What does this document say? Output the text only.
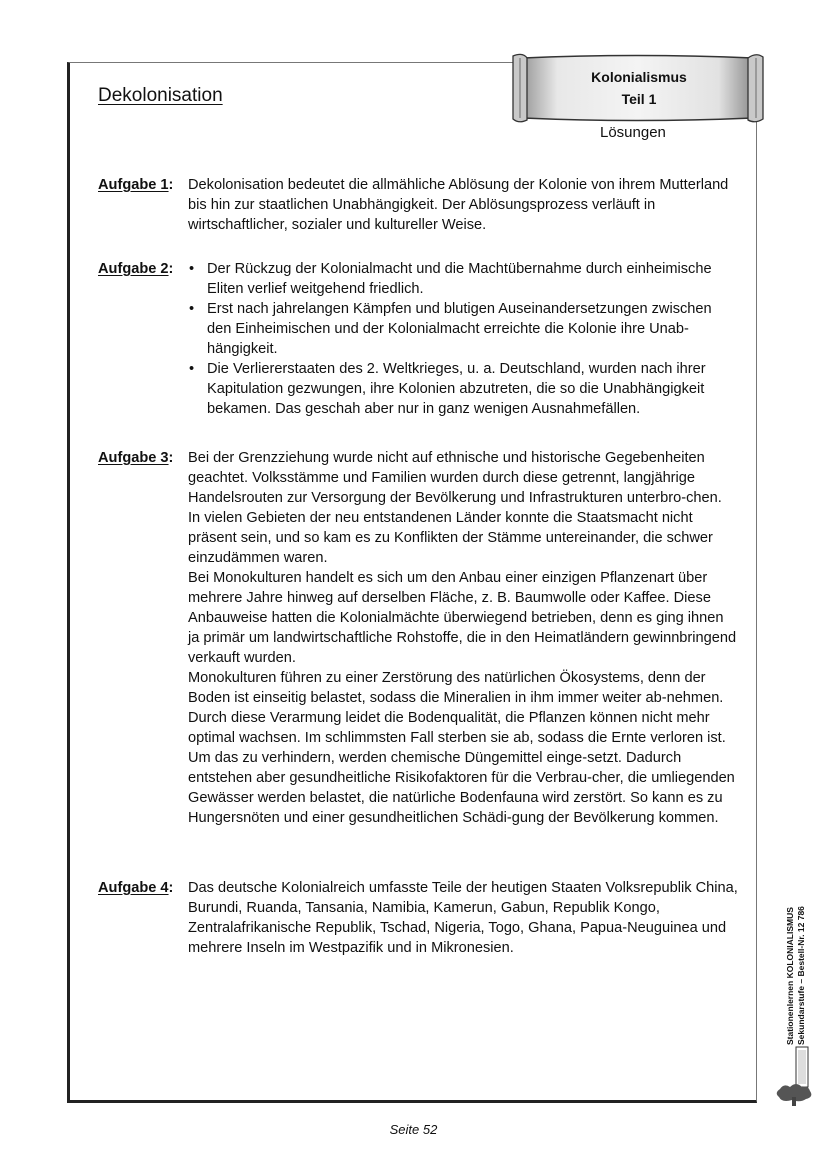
Dekolonisation
Kolonialismus
Teil 1
Lösungen
Aufgabe 1: Dekolonisation bedeutet die allmähliche Ablösung der Kolonie von ihrem Mutterland bis hin zur staatlichen Unabhängigkeit. Der Ablösungsprozess verläuft in wirtschaftlicher, sozialer und kultureller Weise.

Aufgabe 2: • Der Rückzug der Kolonialmacht und die Machtübernahme durch einheimische Eliten verlief weitgehend friedlich.
• Erst nach jahrelangen Kämpfen und blutigen Auseinandersetzungen zwischen den Einheimischen und der Kolonialmacht erreichte die Kolonie ihre Unab-hängigkeit.
• Die Verliererstaaten des 2. Weltkrieges, u. a. Deutschland, wurden nach ihrer Kapitulation gezwungen, ihre Kolonien abzutreten, die so die Unabhängigkeit bekamen. Das geschah aber nur in ganz wenigen Ausnahmefällen.
Aufgabe 3: Bei der Grenzziehung wurde nicht auf ethnische und historische Gegebenheiten geachtet. Volksstämme und Familien wurden durch diese getrennt, langjährige Handelsrouten zur Versorgung der Bevölkerung und Infrastrukturen unterbro-chen. In vielen Gebieten der neu entstandenen Länder konnte die Staatsmacht nicht präsent sein, und so kam es zu Konflikten der Stämme untereinander, die schwer einzudämmen waren.

Bei Monokulturen handelt es sich um den Anbau einer einzigen Pflanzenart über mehrere Jahre hinweg auf derselben Fläche, z. B. Baumwolle oder Kaffee. Diese Anbauweise hatten die Kolonialmächte überwiegend betrieben, denn es ging ihnen ja primär um landwirtschaftliche Rohstoffe, die in den Heimatländern gewinnbringend verkauft wurden.

Monokulturen führen zu einer Zerstörung des natürlichen Ökosystems, denn der Boden ist einseitig belastet, sodass die Mineralien in ihm immer weiter ab-nehmen. Durch diese Verarmung leidet die Bodenqualität, die Pflanzen können nicht mehr optimal wachsen. Im schlimmsten Fall sterben sie ab, sodass die Ernte verloren ist. Um das zu verhindern, werden chemische Düngemittel einge-setzt. Dadurch entstehen aber gesundheitliche Risikofaktoren für die Verbrau-cher, die umliegenden Gewässer werden belastet, die natürliche Bodenfauna wird zerstört. So kann es zu Hungersnöten und einer gesundheitlichen Schädi-gung der Bevölkerung kommen.

Aufgabe 4: Das deutsche Kolonialreich umfasste Teile der heutigen Staaten Volksrepublik China, Burundi, Ruanda, Tansania, Namibia, Kamerun, Gabun, Republik Kongo, Zentralafrikanische Republik, Tschad, Nigeria, Togo, Ghana, Papua-Neuguinea und mehrere Inseln im Westpazifik und in Mikronesien.	Stationenlernen KOLONIALISMUS Sekundarstufe – Bestell-Nr. 12 786
Seite 52
